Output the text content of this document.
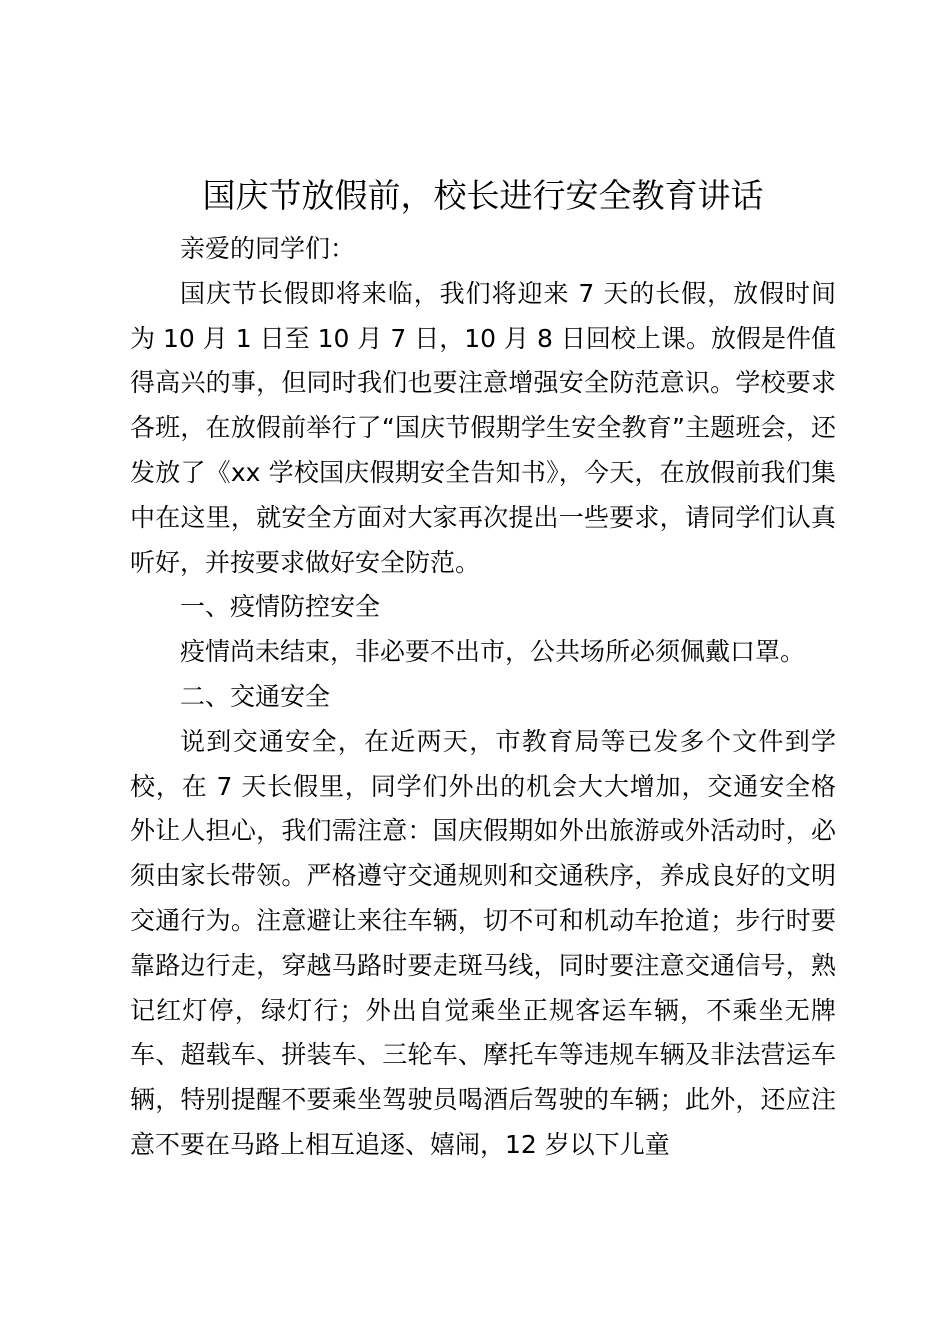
国庆节放假前，校长进行安全教育讲话

亲爱的同学们：

国庆节长假即将来临，我们将迎来 7 天的长假，放假时间为 10 月 1 日至 10 月 7 日，10 月 8 日回校上课。放假是件值得高兴的事，但同时我们也要注意增强安全防范意识。学校要求各班，在放假前举行了“国庆节假期学生安全教育”主题班会，还发放了《xx 学校国庆假期安全告知书》，今天，在放假前我们集中在这里，就安全方面对大家再次提出一些要求，请同学们认真听好，并按要求做好安全防范。

一、疫情防控安全

疫情尚未结束，非必要不出市，公共场所必须佩戴口罩。

二、交通安全

说到交通安全，在近两天，市教育局等已发多个文件到学校，在 7 天长假里，同学们外出的机会大大增加，交通安全格外让人担心，我们需注意：国庆假期如外出旅游或外活动时，必须由家长带领。严格遵守交通规则和交通秩序，养成良好的文明交通行为。注意避让来往车辆，切不可和机动车抢道；步行时要靠路边行走，穿越马路时要走斑马线，同时要注意交通信号，熟记红灯停，绿灯行；外出自觉乘坐正规客运车辆，不乘坐无牌车、超载车、拼装车、三轮车、摩托车等违规车辆及非法营运车辆，特别提醒不要乘坐驾驶员喝酒后驾驶的车辆；此外，还应注意不要在马路上相互追逐、嬉闹，12 岁以下儿童
